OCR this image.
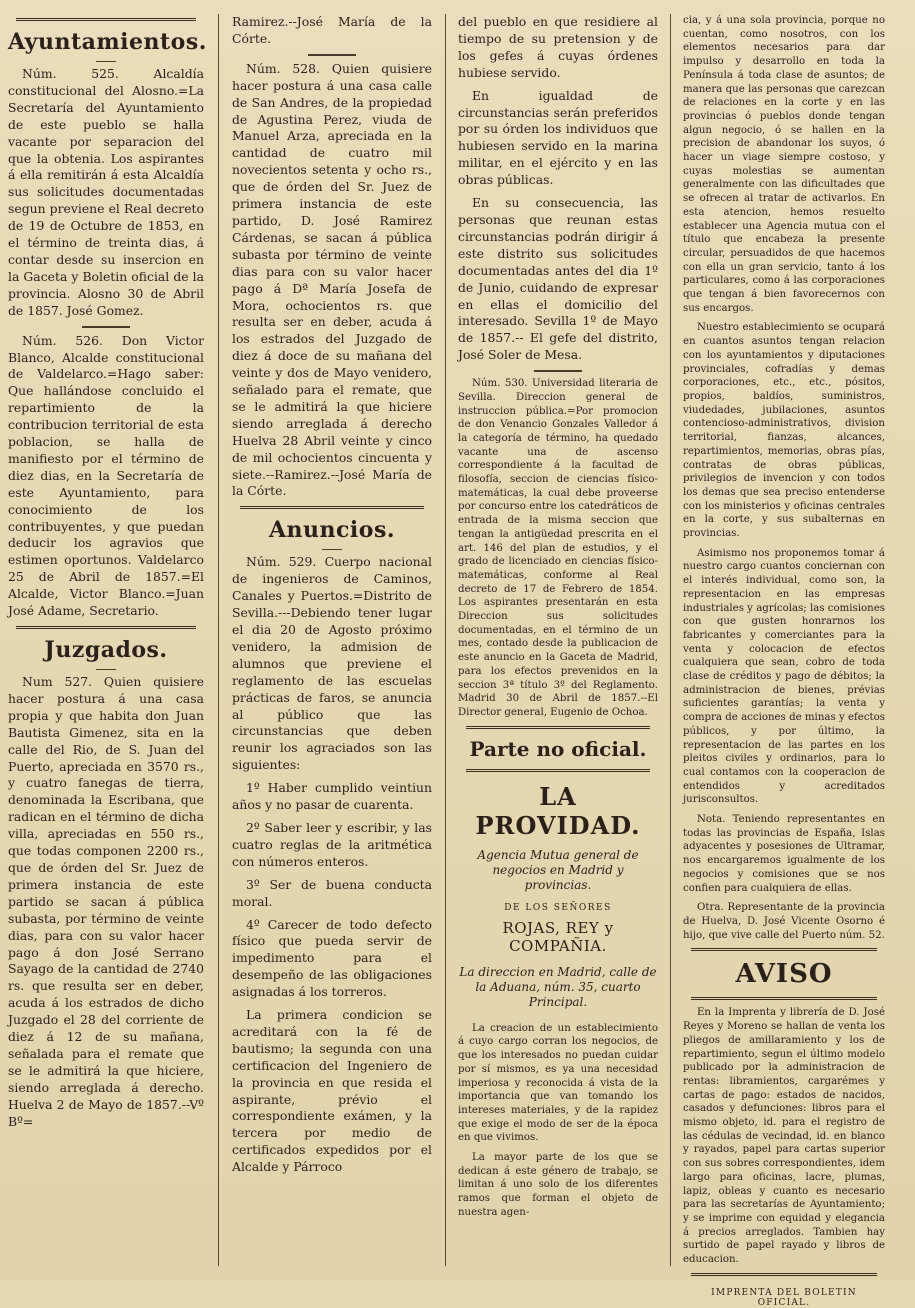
Ayuntamientos.

Núm. 525. Alcaldía constitucional del Alosno.=La Secretaría del Ayuntamiento de este pueblo se halla vacante por separacion del que la obtenia. Los aspirantes á ella remitirán á esta Alcaldía sus solicitudes documentadas segun previene el Real decreto de 19 de Octubre de 1853, en el término de treinta dias, á contar desde su insercion en la Gaceta y Boletin oficial de la provincia. Alosno 30 de Abril de 1857. José Gomez.

Núm. 526. Don Victor Blanco, Alcalde constitucional de Valdelarco.=Hago saber: Que hallándose concluido el repartimiento de la contribucion territorial de esta poblacion, se halla de manifiesto por el término de diez dias, en la Secretaría de este Ayuntamiento, para conocimiento de los contribuyentes, y que puedan deducir los agravios que estimen oportunos. Valdelarco 25 de Abril de 1857.=El Alcalde, Victor Blanco.=Juan José Adame, Secretario.

Juzgados.

Num 527. Quien quisiere hacer postura á una casa propia y que habita don Juan Bautista Gimenez, sita en la calle del Rio, de S. Juan del Puerto, apreciada en 3570 rs., y cuatro fanegas de tierra, denominada la Escribana, que radican en el término de dicha villa, apreciadas en 550 rs., que todas componen 2200 rs., que de órden del Sr. Juez de primera instancia de este partido se sacan á pública subasta, por término de veinte dias, para con su valor hacer pago á don José Serrano Sayago de la cantidad de 2740 rs. que resulta ser en deber, acuda á los estrados de dicho Juzgado el 28 del corriente de diez á 12 de su mañana, señalada para el remate que se le admitirá la que hiciere, siendo arreglada á derecho. Huelva 2 de Mayo de 1857.--Vº Bº=

Ramirez.--José María de la Córte.

Núm. 528. Quien quisiere hacer postura á una casa calle de San Andres, de la propiedad de Agustina Perez, viuda de Manuel Arza, apreciada en la cantidad de cuatro mil novecientos setenta y ocho rs., que de órden del Sr. Juez de primera instancia de este partido, D. José Ramirez Cárdenas, se sacan á pública subasta por término de veinte dias para con su valor hacer pago á Dª María Josefa de Mora, ochocientos rs. que resulta ser en deber, acuda á los estrados del Juzgado de diez á doce de su mañana del veinte y dos de Mayo venidero, señalado para el remate, que se le admitirá la que hiciere siendo arreglada á derecho Huelva 28 Abril veinte y cinco de mil ochocientos cincuenta y siete.--Ramirez.--José María de la Córte.

Anuncios.

Núm. 529. Cuerpo nacional de ingenieros de Caminos, Canales y Puertos.=Distrito de Sevilla.---Debiendo tener lugar el dia 20 de Agosto próximo venidero, la admision de alumnos que previene el reglamento de las escuelas prácticas de faros, se anuncia al público que las circunstancias que deben reunir los agraciados son las siguientes:

1º Haber cumplido veintiun años y no pasar de cuarenta.

2º Saber leer y escribir, y las cuatro reglas de la aritmética con números enteros.

3º Ser de buena conducta moral.

4º Carecer de todo defecto físico que pueda servir de impedimento para el desempeño de las obligaciones asignadas á los torreros.

La primera condicion se acreditará con la fé de bautismo; la segunda con una certificacion del Ingeniero de la provincia en que resida el aspirante, prévio el correspondiente exámen, y la tercera por medio de certificados expedidos por el Alcalde y Párroco

del pueblo en que residiere al tiempo de su pretension y de los gefes á cuyas órdenes hubiese servido.

En igualdad de circunstancias serán preferidos por su órden los individuos que hubiesen servido en la marina militar, en el ejército y en las obras públicas.

En su consecuencia, las personas que reunan estas circunstancias podrán dirigir á este distrito sus solicitudes documentadas antes del dia 1º de Junio, cuidando de expresar en ellas el domicilio del interesado. Sevilla 1º de Mayo de 1857.-- El gefe del distrito, José Soler de Mesa.

Núm. 530. Universidad literaria de Sevilla. Direccion general de instruccion pública.=Por promocion de don Venancio Gonzales Valledor á la categoría de término, ha quedado vacante una de ascenso correspondiente á la facultad de filosofía, seccion de ciencias físico-matemáticas, la cual debe proveerse por concurso entre los catedráticos de entrada de la misma seccion que tengan la antigüedad prescrita en el art. 146 del plan de estudios, y el grado de licenciado en ciencias físico-matemáticas, conforme al Real decreto de 17 de Febrero de 1854. Los aspirantes presentarán en esta Direccion sus solicitudes documentadas, en el término de un mes, contado desde la publicacion de este anuncio en la Gaceta de Madrid, para los efectos prevenidos en la seccion 3ª título 3º del Reglamento. Madrid 30 de Abril de 1857.--El Director general, Eugenio de Ochoa.

Parte no oficial.
LA PROVIDAD.
Agencia Mutua general de negocios en Madrid y provincias.
DE LOS SEÑORES
ROJAS, REY y COMPAÑIA.
La direccion en Madrid, calle de la Aduana, núm. 35, cuarto Principal.

La creacion de un establecimiento á cuyo cargo corran los negocios, de que los interesados no puedan cuidar por sí mismos, es ya una necesidad imperiosa y reconocida á vista de la importancia que van tomando los intereses materiales, y de la rapidez que exige el modo de ser de la época en que vivimos.

La mayor parte de los que se dedican á este género de trabajo, se limitan á uno solo de los diferentes ramos que forman el objeto de nuestra agen-

cia, y á una sola provincia, porque no cuentan, como nosotros, con los elementos necesarios para dar impulso y desarrollo en toda la Península á toda clase de asuntos; de manera que las personas que carezcan de relaciones en la corte y en las provincias ó pueblos donde tengan algun negocio, ó se hallen en la precision de abandonar los suyos, ó hacer un viage siempre costoso, y cuyas molestias se aumentan generalmente con las dificultades que se ofrecen al tratar de activarlos. En esta atencion, hemos resuelto establecer una Agencia mutua con el título que encabeza la presente circular, persuadidos de que hacemos con ella un gran servicio, tanto á los particulares, como á las corporaciones que tengan á bien favorecernos con sus encargos.

Nuestro establecimiento se ocupará en cuantos asuntos tengan relacion con los ayuntamientos y diputaciones provinciales, cofradías y demas corporaciones, etc., etc., pósitos, propios, baldíos, suministros, viudedades, jubilaciones, asuntos contencioso-administrativos, division territorial, fianzas, alcances, repartimientos, memorias, obras pías, contratas de obras públicas, privilegios de invencion y con todos los demas que sea preciso entenderse con los ministerios y oficinas centrales en la corte, y sus subalternas en provincias.

Asimismo nos proponemos tomar á nuestro cargo cuantos conciernan con el interés individual, como son, la representacion en las empresas industriales y agrícolas; las comisiones con que gusten honrarnos los fabricantes y comerciantes para la venta y colocacion de efectos cualquiera que sean, cobro de toda clase de créditos y pago de débitos; la administracion de bienes, prévias suficientes garantías; la venta y compra de acciones de minas y efectos públicos, y por último, la representacion de las partes en los pleitos civiles y ordinarios, para lo cual contamos con la cooperacion de entendidos y acreditados jurisconsultos.

Nota. Teniendo representantes en todas las provincias de España, Islas adyacentes y posesiones de Ultramar, nos encargaremos igualmente de los negocios y comisiones que se nos confien para cualquiera de ellas.

Otra. Representante de la provincia de Huelva, D. José Vicente Osorno é hijo, que vive calle del Puerto núm. 52.

AVISO

En la Imprenta y librería de D. José Reyes y Moreno se hallan de venta los pliegos de amillaramiento y los de repartimiento, segun el último modelo publicado por la administracion de rentas: libramientos, cargarémes y cartas de pago: estados de nacidos, casados y defunciones: libros para el mismo objeto, id. para el registro de las cédulas de vecindad, id. en blanco y rayados, papel para cartas superior con sus sobres correspondientes, idem largo para oficinas, lacre, plumas, lapiz, obleas y cuanto es necesario para las secretarías de Ayuntamiento; y se imprime con equidad y elegancia á precios arreglados. Tambien hay surtido de papel rayado y libros de educacion.

IMPRENTA DEL BOLETIN OFICIAL.
